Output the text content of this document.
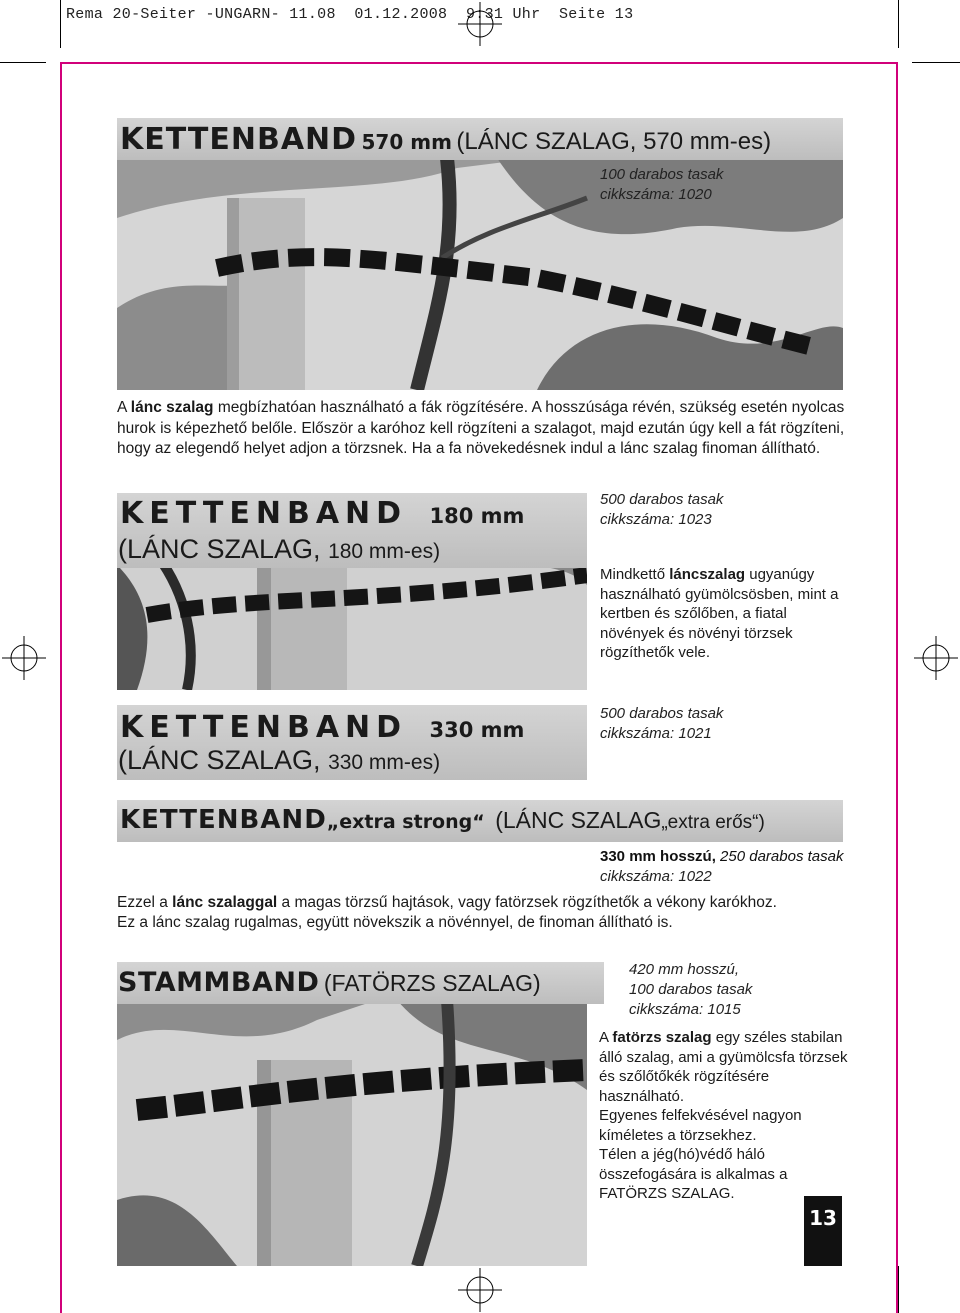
Rema 20-Seiter -UNGARN- 11.08  01.12.2008  9:31 Uhr  Seite 13
KETTENBAND 570 mm (LÁNC SZALAG, 570 mm-es)
100 darabos tasak
cikkszáma: 1020
A lánc szalag megbízhatóan használható a fák rögzítésére. A hosszúsága révén, szükség esetén nyolcas hurok is képezhető belőle. Először a karóhoz kell rögzíteni a szalagot, majd ezután úgy kell a fát rögzíteni, hogy az elegendő helyet adjon a törzsnek. Ha a fa növekedésnek indul a lánc szalag finoman állítható.
KETTENBAND 180 mm
(LÁNC SZALAG, 180 mm-es)
500 darabos tasak
cikkszáma: 1023
Mindkettő láncszalag ugyanúgy használható gyümölcsösben, mint a kertben és szőlőben, a fiatal növények és növényi törzsek rögzíthetők vele.
KETTENBAND 330 mm
(LÁNC SZALAG, 330 mm-es)
500 darabos tasak
cikkszáma: 1021
KETTENBAND„extra strong“ (LÁNC SZALAG„extra erős“)
330 mm hosszú, 250 darabos tasak
cikkszáma: 1022
Ezzel a lánc szalaggal a magas törzsű hajtások, vagy fatörzsek rögzíthetők a vékony karókhoz.
Ez a lánc szalag rugalmas, együtt növekszik a növénnyel, de finoman állítható is.
STAMMBAND (FATÖRZS SZALAG)
420 mm hosszú,
100 darabos tasak
cikkszáma: 1015
A fatörzs szalag egy széles stabilan álló szalag, ami a gyümölcsfa törzsek és szőlőtőkék rögzítésére használható.
Egyenes felfekvésével nagyon kíméletes a törzsekhez.
Télen a jég(hó)védő háló összefogására is alkalmas a FATÖRZS SZALAG.
13
